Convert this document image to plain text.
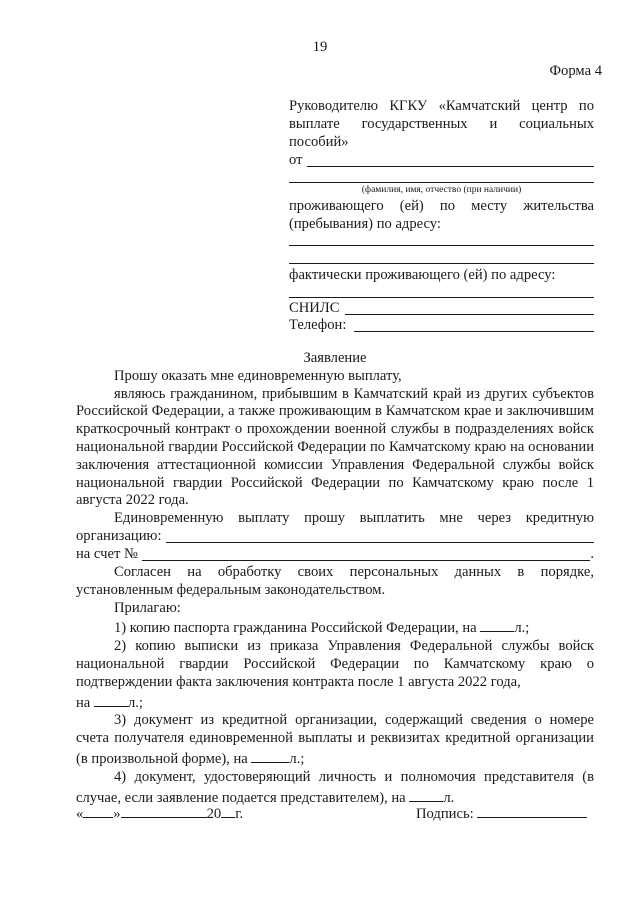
19
Форма 4
Руководителю КГКУ «Камчатский центр по
выплате государственных и социальных
пособий»
от
(фамилия, имя, отчество (при наличии)
проживающего (ей) по месту жительства
(пребывания) по адресу:
фактически проживающего (ей) по адресу:
СНИЛС
Телефон:

Заявление

Прошу оказать мне единовременную выплату,

являюсь гражданином, прибывшим в Камчатский край из других субъектов Российской Федерации, а также проживающим в Камчатском крае и заключившим краткосрочный контракт о прохождении военной службы в подразделениях войск национальной гвардии Российской Федерации по Камчатскому краю на основании заключения аттестационной комиссии Управления Федеральной службы войск национальной гвардии Российской Федерации по Камчатскому краю после 1 августа 2022 года.

Единовременную выплату прошу выплатить мне через кредитную

организацию:
на счет №	.

Согласен на обработку своих персональных данных в порядке, установленным федеральным законодательством.

Прилагаю:

1) копию паспорта гражданина Российской Федерации, на	л.;

2) копию выписки из приказа Управления Федеральной службы войск национальной гвардии Российской Федерации по Камчатскому краю о подтверждении факта заключения контракта после 1 августа 2022 года,

на	л.;

3) документ из кредитной организации, содержащий сведения о номере счета получателя единовременной выплаты и реквизитах кредитной организации (в произвольной форме), на	л.;

4) документ, удостоверяющий личность и полномочия представителя (в случае, если заявление подается представителем), на	л.

« »	20 г.	Подпись:
